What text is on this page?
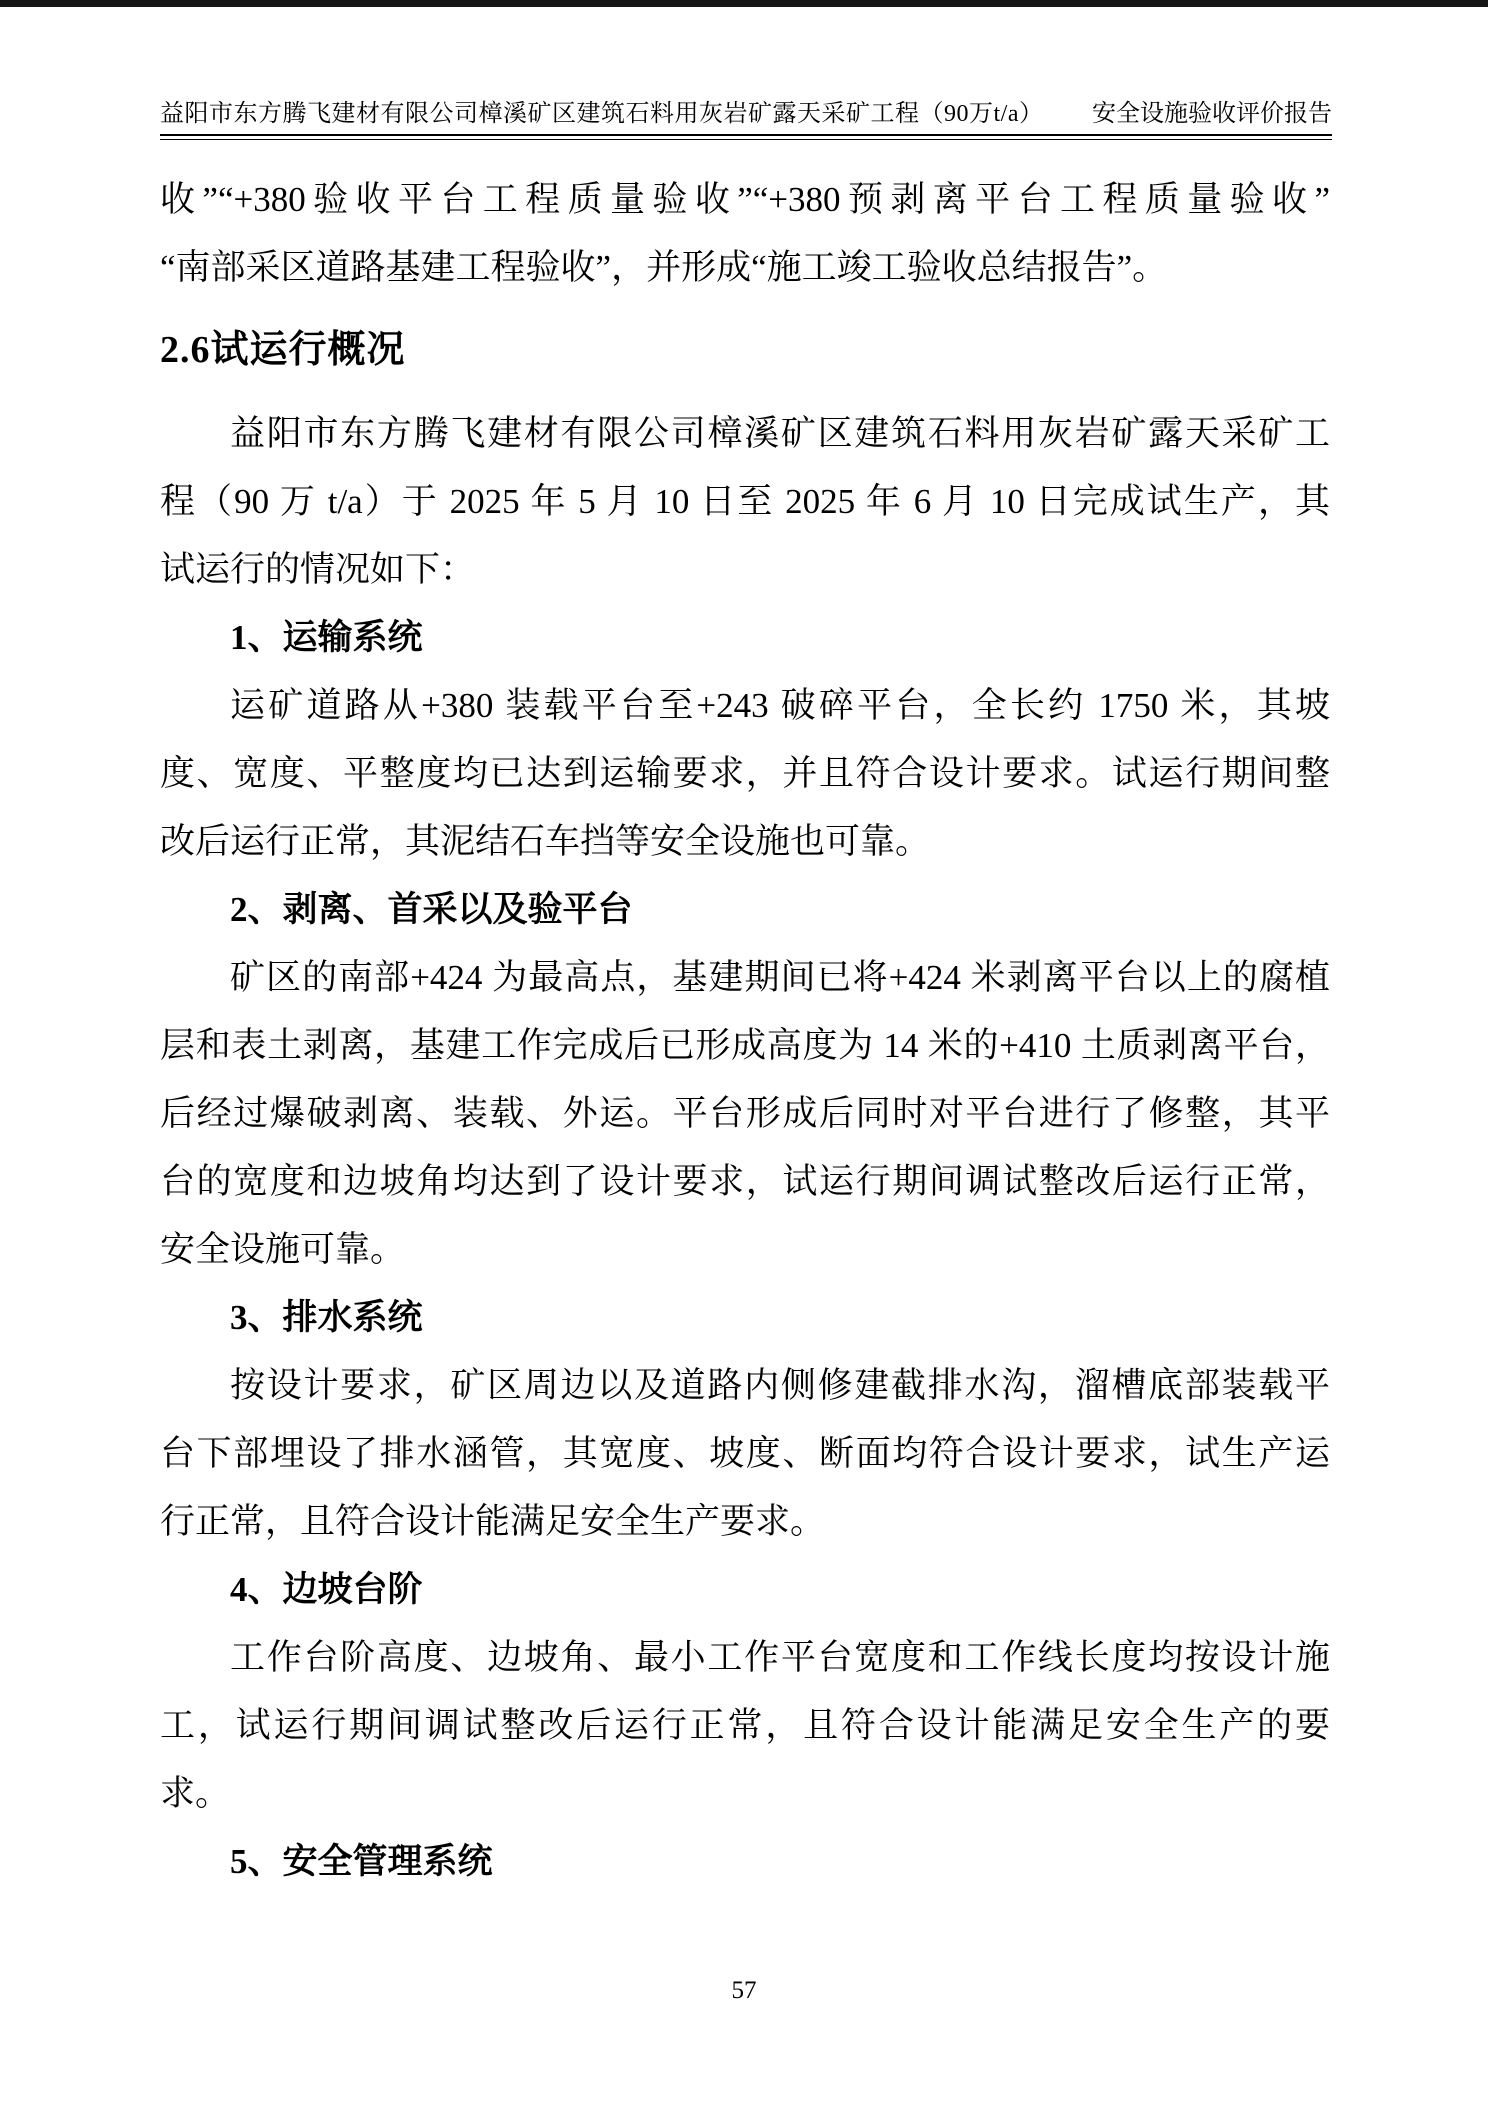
益阳市东方腾飞建材有限公司樟溪矿区建筑石料用灰岩矿露天采矿工程（90万t/a） 安全设施验收评价报告
收”“+380验收平台工程质量验收”“+380预剥离平台工程质量验收”
“南部采区道路基建工程验收”，并形成“施工竣工验收总结报告”。
2.6试运行概况
益阳市东方腾飞建材有限公司樟溪矿区建筑石料用灰岩矿露天采矿工
程（90 万 t/a）于 2025 年 5 月 10 日至 2025 年 6 月 10 日完成试生产，其
试运行的情况如下：
1、运输系统
运矿道路从+380 装载平台至+243 破碎平台，全长约 1750 米，其坡
度、宽度、平整度均已达到运输要求，并且符合设计要求。试运行期间整
改后运行正常，其泥结石车挡等安全设施也可靠。
2、剥离、首采以及验平台
矿区的南部+424 为最高点，基建期间已将+424 米剥离平台以上的腐植
层和表土剥离，基建工作完成后已形成高度为 14 米的+410 土质剥离平台，
后经过爆破剥离、装载、外运。平台形成后同时对平台进行了修整，其平
台的宽度和边坡角均达到了设计要求，试运行期间调试整改后运行正常，
安全设施可靠。
3、排水系统
按设计要求，矿区周边以及道路内侧修建截排水沟，溜槽底部装载平
台下部埋设了排水涵管，其宽度、坡度、断面均符合设计要求，试生产运
行正常，且符合设计能满足安全生产要求。
4、边坡台阶
工作台阶高度、边坡角、最小工作平台宽度和工作线长度均按设计施
工，试运行期间调试整改后运行正常，且符合设计能满足安全生产的要
求。
5、安全管理系统
57
